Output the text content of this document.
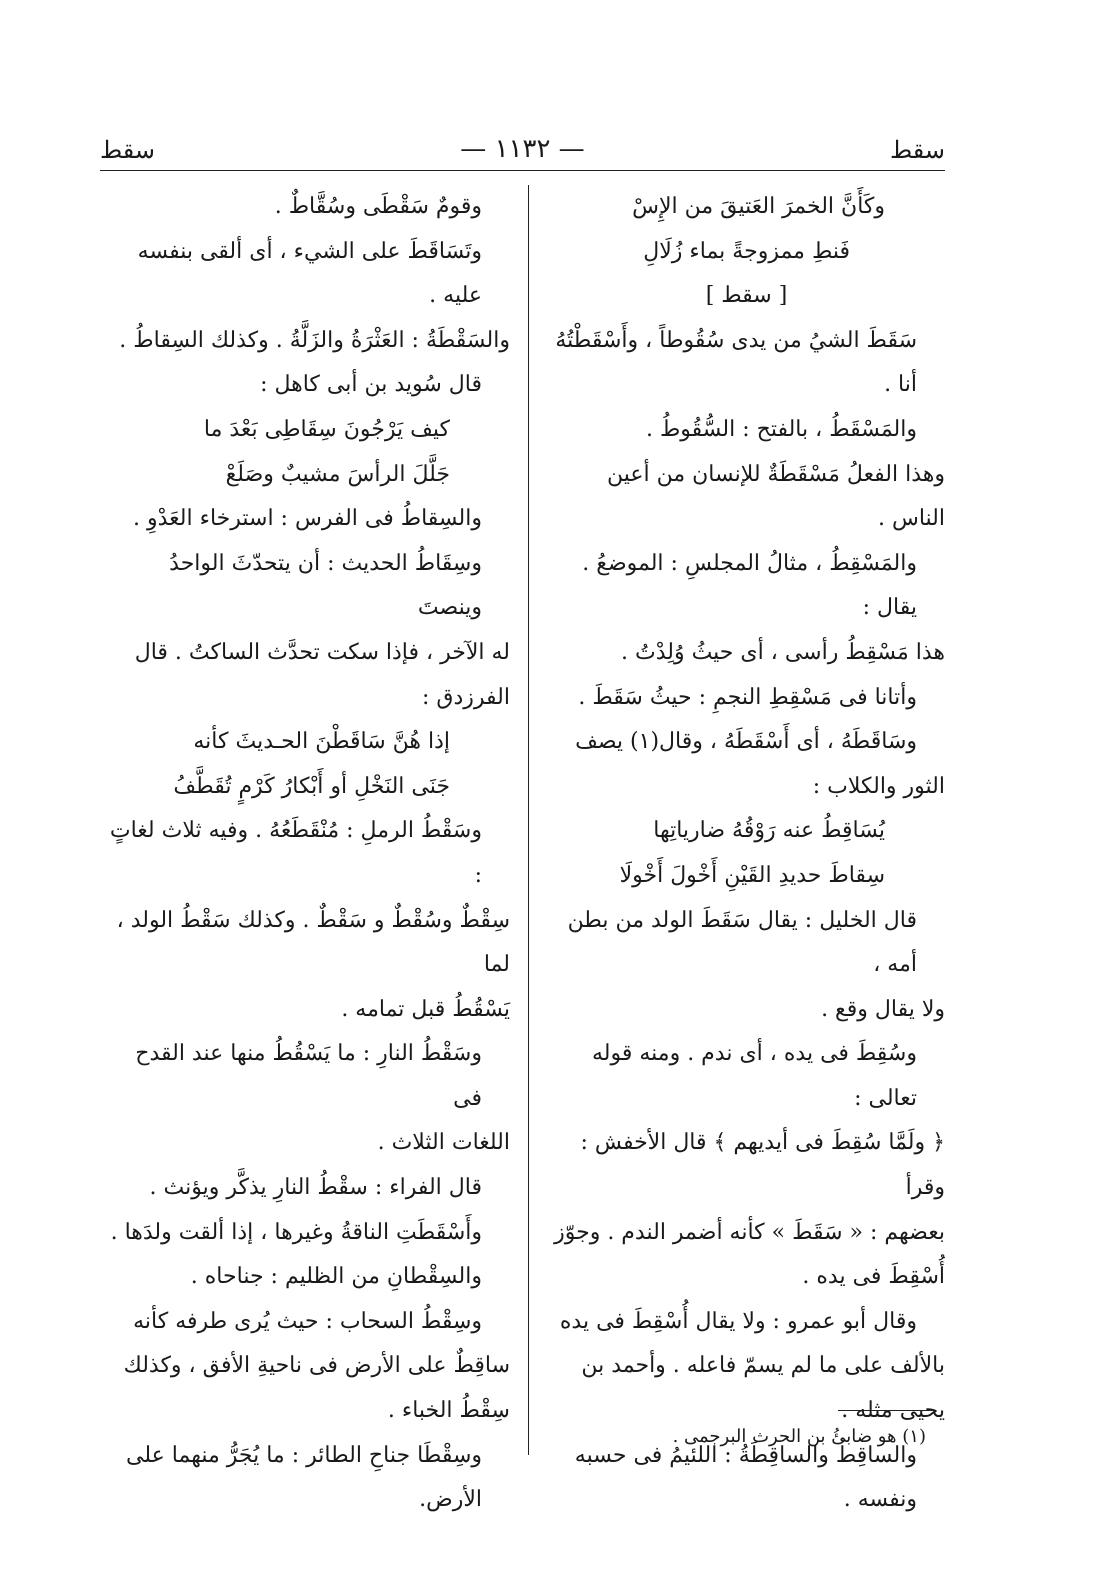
سقط
— ١١٣٢ —
سقط

وكَأَنَّ الخمرَ العَتيقَ من الإِسْ

فَنطِ ممزوجةً بماء زُلَالِ

[ سقط ]

سَقَطَ الشيُ من يدى سُقُوطاً ، وأَسْقَطْتُهُ أنا .

والمَسْقَطُ ، بالفتح : السُّقُوطُ .

وهذا الفعلُ مَسْقَطَةٌ للإنسان من أعين الناس .

والمَسْقِطُ ، مثالُ المجلسِ : الموضعُ . يقال :

هذا مَسْقِطُ رأسى ، أى حيثُ وُلِدْتُ .

وأتانا فى مَسْقِطِ النجمِ : حيثُ سَقَطَ .

وسَاقَطَهُ ، أى أَسْقَطَهُ ، وقال(١) يصف

الثور والكلاب :

يُسَاقِطُ عنه رَوْقُهُ ضارياتِها

سِقاطَ حديدِ القَيْنِ أَخْولَ أَخْولَا

قال الخليل : يقال سَقَطَ الولد من بطن أمه ،

ولا يقال وقع .

وسُقِطَ فى يده ، أى ندم . ومنه قوله تعالى :

﴿ ولَمَّا سُقِطَ فى أيديهم ﴾ قال الأخفش : وقرأ

بعضهم : « سَقَطَ » كأنه أضمر الندم . وجوّز

أُسْقِطَ فى يده .

وقال أبو عمرو : ولا يقال أُسْقِطَ فى يده

بالألف على ما لم يسمّ فاعله . وأحمد بن يحيى مثله .

والساقِطُ والساقِطَةُ : اللئيمُ فى حسبه ونفسه .

(١) هو ضابئُ بن الحرث البرجمى .

وقومٌ سَقْطَى وسُقَّاطٌ .

وتَسَاقَطَ على الشيء ، أى ألقى بنفسه عليه .

والسَقْطَةُ : العَثْرَةُ والزَلَّةُ . وكذلك السِقاطُ .

قال سُويد بن أبى كاهل :

كيف يَرْجُونَ سِقَاطِى بَعْدَ ما

جَلَّلَ الرأسَ مشيبٌ وصَلَعْ

والسِقاطُ فى الفرس : استرخاء العَدْوِ .

وسِقَاطُ الحديث : أن يتحدّثَ الواحدُ وينصتَ

له الآخر ، فإذا سكت تحدَّث الساكتُ . قال

الفرزدق :

إذا هُنَّ سَاقَطْنَ الحـديثَ كأنه

جَنَى النَخْلِ أو أَبْكارُ كَرْمٍ تُقَطَّفُ

وسَقْطُ الرملِ : مُنْقَطَعُهُ . وفيه ثلاث لغاتٍ :

سِقْطٌ وسُقْطٌ و سَقْطٌ . وكذلك سَقْطُ الولد ، لما

يَسْقُطُ قبل تمامه .

وسَقْطُ النارِ : ما يَسْقُطُ منها عند القدح فى

اللغات الثلاث .

قال الفراء : سقْطُ النارِ يذكَّر ويؤنث .

وأَسْقَطَتِ الناقةُ وغيرها ، إذا ألقت ولدَها .

والسِقْطانِ من الظليم : جناحاه .

وسِقْطُ السحاب : حيث يُرى طرفه كأنه

ساقِطٌ على الأرض فى ناحيةِ الأفق ، وكذلك

سِقْطُ الخباء .

وسِقْطَا جناحِ الطائر : ما يُجَرُّ منهما على الأرض.
